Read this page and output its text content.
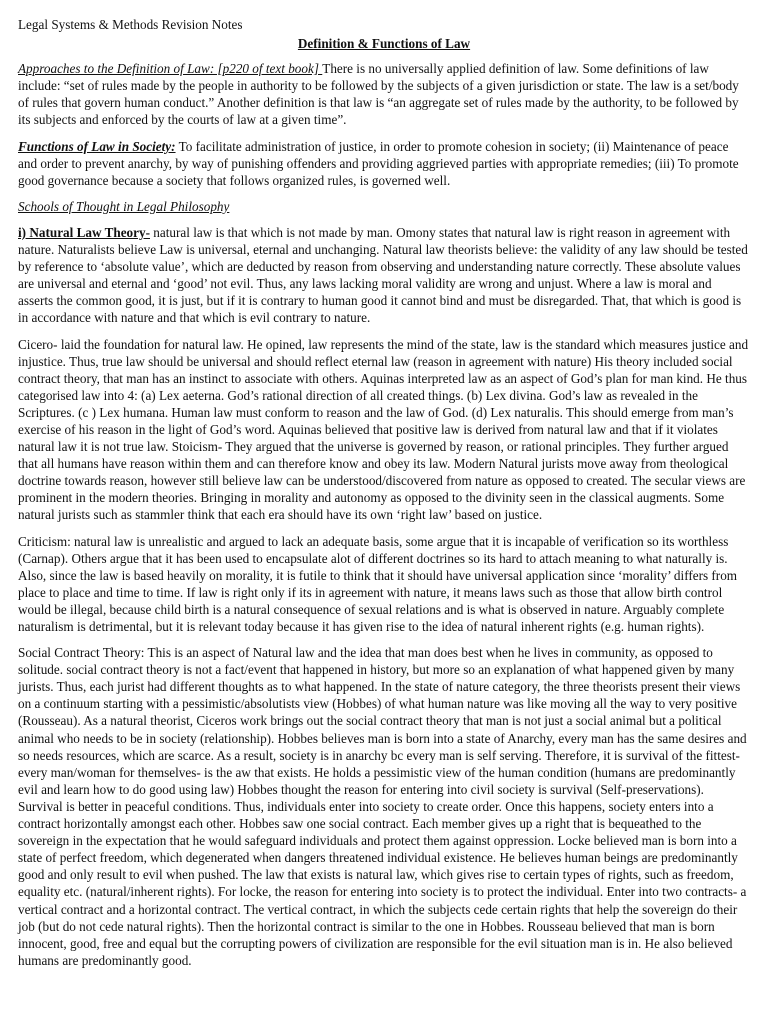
Legal Systems & Methods Revision Notes
Definition & Functions of Law

Approaches to the Definition of Law: [p220 of text book] There is no universally applied definition of law. Some definitions of law include: “set of rules made by the people in authority to be followed by the subjects of a given jurisdiction or state. The law is a set/body of rules that govern human conduct.” Another definition is that law is “an aggregate set of rules made by the authority, to be followed by its subjects and enforced by the courts of law at a given time”.

Functions of Law in Society: To facilitate administration of justice, in order to promote cohesion in society; (ii) Maintenance of peace and order to prevent anarchy, by way of punishing offenders and providing aggrieved parties with appropriate remedies; (iii) To promote good governance because a society that follows organized rules, is governed well.

Schools of Thought in Legal Philosophy

i) Natural Law Theory- natural law is that which is not made by man. Omony states that natural law is right reason in agreement with nature. Naturalists believe Law is universal, eternal and unchanging. Natural law theorists believe: the validity of any law should be tested by reference to ‘absolute value’, which are deducted by reason from observing and understanding nature correctly. These absolute values are universal and eternal and ‘good’ not evil. Thus, any laws lacking moral validity are wrong and unjust. Where a law is moral and asserts the common good, it is just, but if it is contrary to human good it cannot bind and must be disregarded. That, that which is good is in accordance with nature and that which is evil contrary to nature.

Cicero- laid the foundation for natural law. He opined, law represents the mind of the state, law is the standard which measures justice and injustice. Thus, true law should be universal and should reflect eternal law (reason in agreement with nature) His theory included social contract theory, that man has an instinct to associate with others. Aquinas interpreted law as an aspect of God’s plan for man kind. He thus categorised law into 4: (a) Lex aeterna. God’s rational direction of all created things. (b) Lex divina. God’s law as revealed in the Scriptures. (c ) Lex humana. Human law must conform to reason and the law of God. (d) Lex naturalis. This should emerge from man’s exercise of his reason in the light of God’s word. Aquinas believed that positive law is derived from natural law and that if it violates natural law it is not true law. Stoicism- They argued that the universe is governed by reason, or rational principles. They further argued that all humans have reason within them and can therefore know and obey its law. Modern Natural jurists move away from theological doctrine towards reason, however still believe law can be understood/discovered from nature as opposed to created. The secular views are prominent in the modern theories. Bringing in morality and autonomy as opposed to the divinity seen in the classical augments. Some natural jurists such as stammler think that each era should have its own ‘right law’ based on justice.

Criticism: natural law is unrealistic and argued to lack an adequate basis, some argue that it is incapable of verification so its worthless (Carnap). Others argue that it has been used to encapsulate alot of different doctrines so its hard to attach meaning to what naturally is. Also, since the law is based heavily on morality, it is futile to think that it should have universal application since ‘morality’ differs from place to place and time to time. If law is right only if its in agreement with nature, it means laws such as those that allow birth control would be illegal, because child birth is a natural consequence of sexual relations and is what is observed in nature. Arguably complete naturalism is detrimental, but it is relevant today because it has given rise to the idea of natural inherent rights (e.g. human rights).

Social Contract Theory: This is an aspect of Natural law and the idea that man does best when he lives in community, as opposed to solitude. social contract theory is not a fact/event that happened in history, but more so an explanation of what happened given by many jurists. Thus, each jurist had different thoughts as to what happened. In the state of nature category, the three theorists present their views on a continuum starting with a pessimistic/absolutists view (Hobbes) of what human nature was like moving all the way to very positive (Rousseau). As a natural theorist, Ciceros work brings out the social contract theory that man is not just a social animal but a political animal who needs to be in society (relationship). Hobbes believes man is born into a state of Anarchy, every man has the same desires and so needs resources, which are scarce. As a result, society is in anarchy bc every man is self serving. Therefore, it is survival of the fittest- every man/woman for themselves- is the aw that exists. He holds a pessimistic view of the human condition (humans are predominantly evil and learn how to do good using law) Hobbes thought the reason for entering into civil society is survival (Self-preservations). Survival is better in peaceful conditions. Thus, individuals enter into society to create order. Once this happens, society enters into a contract horizontally amongst each other. Hobbes saw one social contract. Each member gives up a right that is bequeathed to the sovereign in the expectation that he would safeguard individuals and protect them against oppression. Locke believed man is born into a state of perfect freedom, which degenerated when dangers threatened individual existence. He believes human beings are predominantly good and only result to evil when pushed. The law that exists is natural law, which gives rise to certain types of rights, such as freedom, equality etc. (natural/inherent rights). For locke, the reason for entering into society is to protect the individual. Enter into two contracts- a vertical contract and a horizontal contract. The vertical contract, in which the subjects cede certain rights that help the sovereign do their job (but do not cede natural rights). Then the horizontal contract is similar to the one in Hobbes. Rousseau believed that man is born innocent, good, free and equal but the corrupting powers of civilization are responsible for the evil situation man is in. He also believed humans are predominantly good.
